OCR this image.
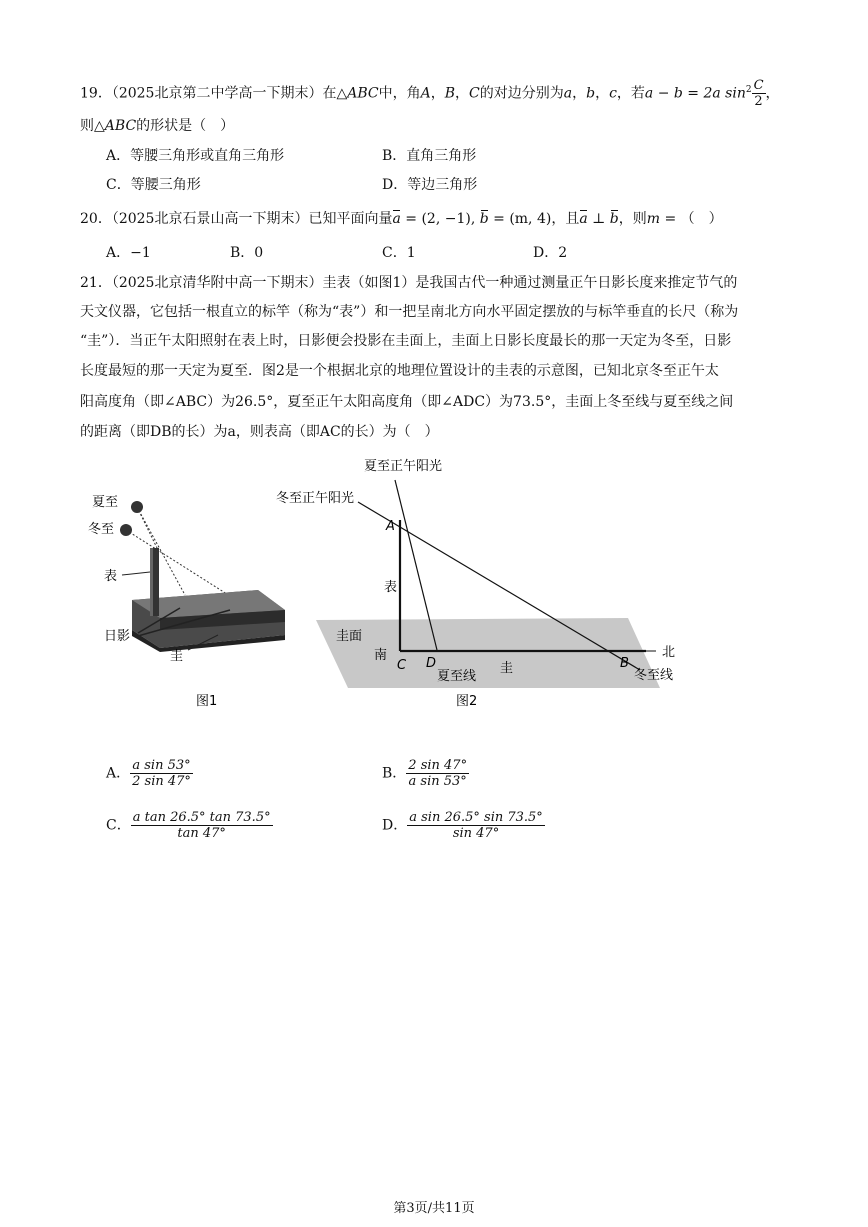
19．（2025北京第二中学高一下期末）在△ABC中，角A，B，C的对边分别为a，b，c，若a − b = 2a $\sin^2 \frac{C}{2}$ ，
则△ABC的形状是（　）
A．等腰三角形或直角三角形	B．直角三角形
C．等腰三角形	D．等边三角形
20．（2025北京石景山高一下期末）已知平面向量a = (2, −1), b = (m, 4)，且a ⊥ b，则m = （　）
A．−1	B．0	C．1	D．2
21．（2025北京清华附中高一下期末）圭表（如图1）是我国古代一种通过测量正午日影长度来推定节气的
天文仪器，它包括一根直立的标竿（称为“表”）和一把呈南北方向水平固定摆放的与标竿垂直的长尺（称为
“圭”）．当正午太阳照射在表上时，日影便会投影在圭面上，圭面上日影长度最长的那一天定为冬至，日影
长度最短的那一天定为夏至．图2是一个根据北京的地理位置设计的圭表的示意图，已知北京冬至正午太
阳高度角（即∠ABC）为26.5°，夏至正午太阳高度角（即∠ADC）为73.5°，圭面上冬至线与夏至线之间
的距离（即DB的长）为a，则表高（即AC的长）为（　）
夏至
冬至
表
日影
圭
图1
夏至正午阳光
冬至正午阳光
A
表
圭面
南
C D
夏至线
圭	B
北
冬至线
图2
A． $\frac{\text{a sin 53°}}{2 \sin 47^\circ}$	B． $\frac{2 \sin 47^\circ}{\text{a sin 53°}}$
C． $\frac{\text{a tan 26.5° tan 73.5°}}{\tan 47^\circ}$	D． $\frac{\text{a sin 26.5° sin 73.5°}}{\sin 47^\circ}$
第3页/共11页
